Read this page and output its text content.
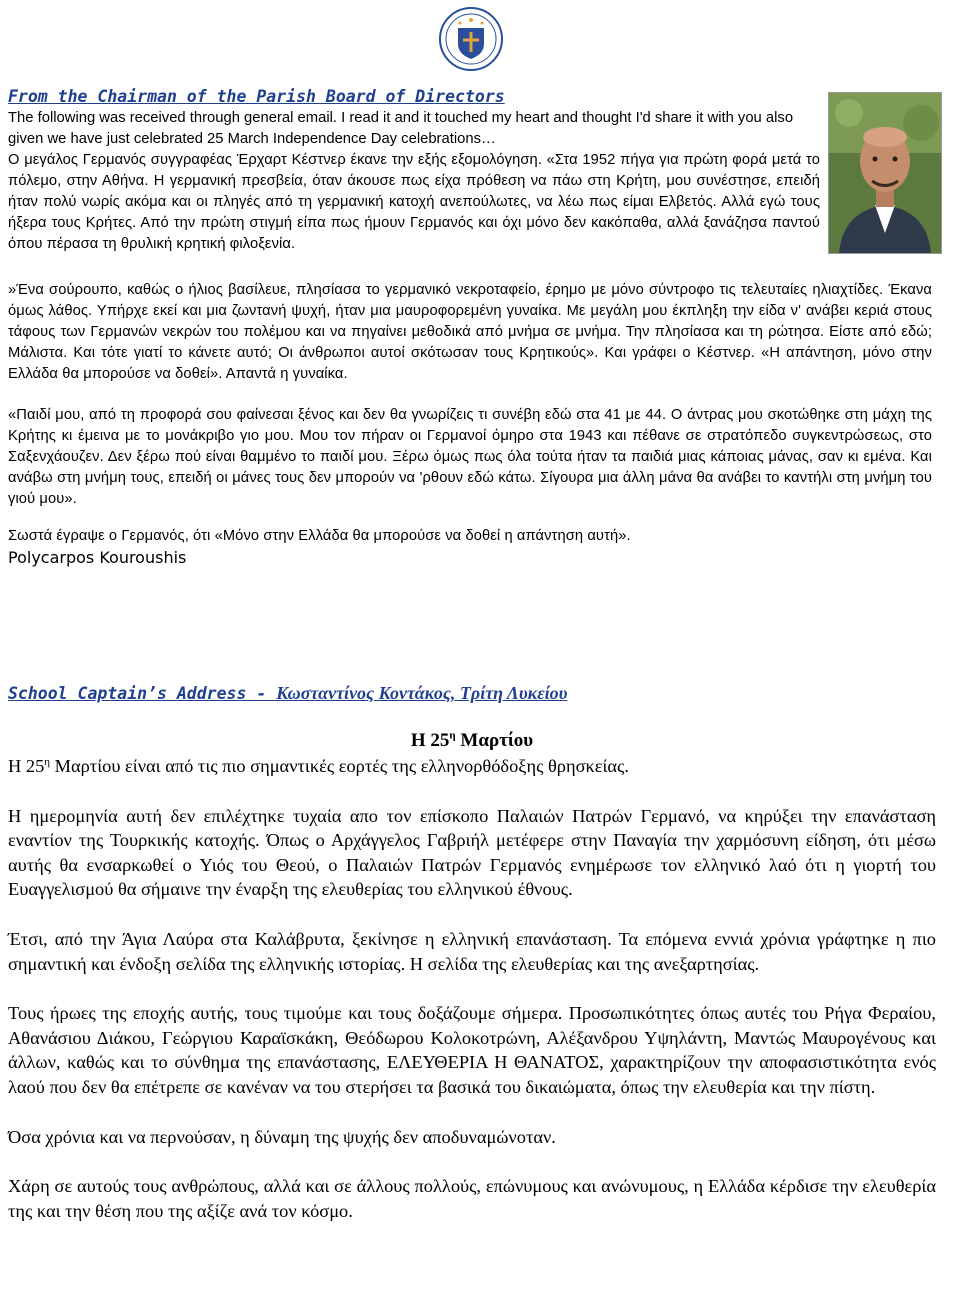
From the Chairman of the Parish Board of Directors

The following was received through general email. I read it and it touched my heart and thought I'd share it with you also given we have just celebrated 25 March Independence Day celebrations…

Ο μεγάλος Γερμανός συγγραφέας Έρχαρτ Κέστνερ έκανε την εξής εξομολόγηση. «Στα 1952 πήγα για πρώτη φορά μετά το πόλεμο, στην Αθήνα. Η γερμανική πρεσβεία, όταν άκουσε πως είχα πρόθεση να πάω στη Κρήτη, μου συνέστησε, επειδή ήταν πολύ νωρίς ακόμα και οι πληγές από τη γερμανική κατοχή ανεπούλωτες, να λέω πως είμαι Ελβετός. Αλλά εγώ τους ήξερα τους Κρήτες. Από την πρώτη στιγμή είπα πως ήμουν Γερμανός και όχι μόνο δεν κακόπαθα, αλλά ξανάζησα παντού όπου πέρασα τη θρυλική κρητική φιλοξενία.

»Ένα σούρουπο, καθώς ο ήλιος βασίλευε, πλησίασα το γερμανικό νεκροταφείο, έρημο με μόνο σύντροφο τις τελευταίες ηλιαχτίδες. Έκανα όμως λάθος. Υπήρχε εκεί και μια ζωντανή ψυχή, ήταν μια μαυροφορεμένη γυναίκα. Με μεγάλη μου έκπληξη την είδα ν' ανάβει κεριά στους τάφους των Γερμανών νεκρών του πολέμου και να πηγαίνει μεθοδικά από μνήμα σε μνήμα. Την πλησίασα και τη ρώτησα. Είστε από εδώ; Μάλιστα. Και τότε γιατί το κάνετε αυτό; Οι άνθρωποι αυτοί σκότωσαν τους Κρητικούς». Και γράφει ο Κέστνερ. «Η απάντηση, μόνο στην Ελλάδα θα μπορούσε να δοθεί». Απαντά η γυναίκα.

«Παιδί μου, από τη προφορά σου φαίνεσαι ξένος και δεν θα γνωρίζεις τι συνέβη εδώ στα 41 με 44. Ο άντρας μου σκοτώθηκε στη μάχη της Κρήτης κι έμεινα με το μονάκριβο γιο μου. Μου τον πήραν οι Γερμανοί όμηρο στα 1943 και πέθανε σε στρατόπεδο συγκεντρώσεως, στο Σαξενχάουζεν. Δεν ξέρω πού είναι θαμμένο το παιδί μου. Ξέρω όμως πως όλα τούτα ήταν τα παιδιά μιας κάποιας μάνας, σαν κι εμένα. Και ανάβω στη μνήμη τους, επειδή οι μάνες τους δεν μπορούν να 'ρθουν εδώ κάτω. Σίγουρα μια άλλη μάνα θα ανάβει το καντήλι στη μνήμη του γιού μου».

Σωστά έγραψε ο Γερμανός, ότι «Μόνο στην Ελλάδα θα μπορούσε να δοθεί η απάντηση αυτή».

Polycarpos Kouroushis

School Captain’s Address - Κωσταντίνος Κοντάκος, Τρίτη Λυκείου

Η $25^\eta$ Μαρτίου

Η $25^\eta$ Μαρτίου είναι από τις πιο σημαντικές εορτές της ελληνορθόδοξης θρησκείας.

Η ημερομηνία αυτή δεν επιλέχτηκε τυχαία απο τον επίσκοπο Παλαιών Πατρών Γερμανό, να κηρύξει την επανάσταση εναντίον της Τουρκικής κατοχής. Όπως ο Αρχάγγελος Γαβριήλ μετέφερε στην Παναγία την χαρμόσυνη είδηση, ότι μέσω αυτής θα ενσαρκωθεί ο Υιός του Θεού, ο Παλαιών Πατρών Γερμανός ενημέρωσε τον ελληνικό λαό ότι η γιορτή του Ευαγγελισμού θα σήμαινε την έναρξη της ελευθερίας του ελληνικού έθνους.

Έτσι, από την Άγια Λαύρα στα Καλάβρυτα, ξεκίνησε η ελληνική επανάσταση. Τα επόμενα εννιά χρόνια γράφτηκε η πιο σημαντική και ένδοξη σελίδα της ελληνικής ιστορίας. Η σελίδα της ελευθερίας και της ανεξαρτησίας.

Τους ήρωες της εποχής αυτής, τους τιμούμε και τους δοξάζουμε σήμερα. Προσωπικότητες όπως αυτές του Ρήγα Φεραίου, Αθανάσιου Διάκου, Γεώργιου Καραϊσκάκη, Θεόδωρου Κολοκοτρώνη, Αλέξανδρου Υψηλάντη, Μαντώς Μαυρογένους και άλλων, καθώς και το σύνθημα της επανάστασης, ΕΛΕΥΘΕΡΙΑ Η ΘΑΝΑΤΟΣ, χαρακτηρίζουν την αποφασιστικότητα ενός λαού που δεν θα επέτρεπε σε κανέναν να του στερήσει τα βασικά του δικαιώματα, όπως την ελευθερία και την πίστη.

Όσα χρόνια και να περνούσαν, η δύναμη της ψυχής δεν αποδυναμώνοταν.

Χάρη σε αυτούς τους ανθρώπους, αλλά και σε άλλους πολλούς, επώνυμους και ανώνυμους, η Ελλάδα κέρδισε την ελευθερία της και την θέση που της αξίζε ανά τον κόσμο.
